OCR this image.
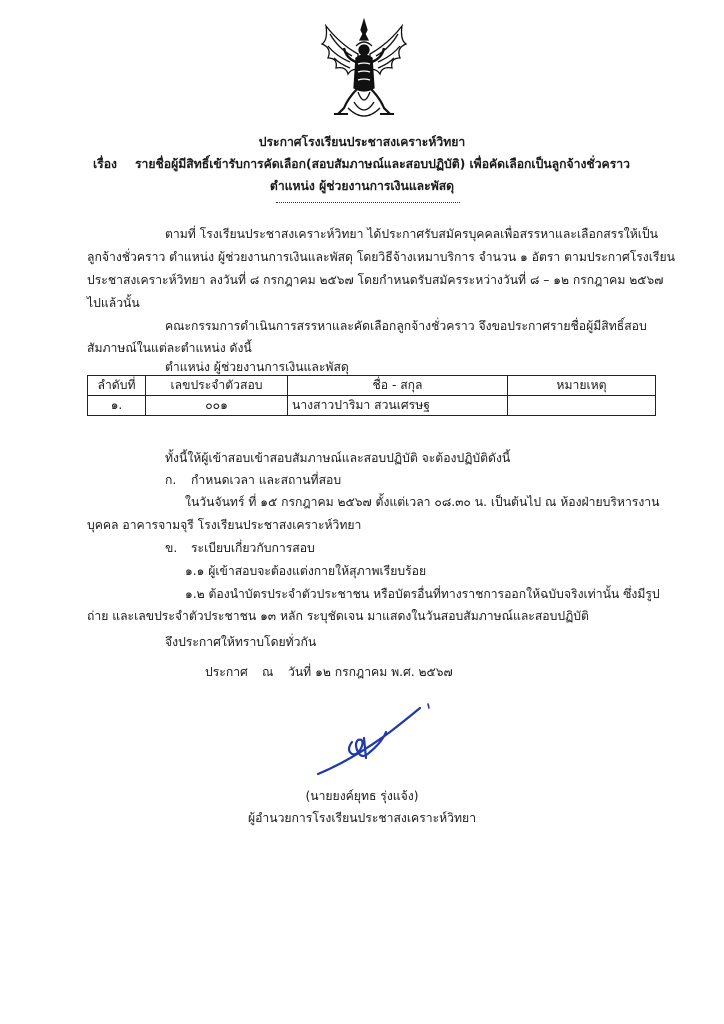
ประกาศโรงเรียนประชาสงเคราะห์วิทยา
เรื่อง รายชื่อผู้มีสิทธิ์เข้ารับการคัดเลือก(สอบสัมภาษณ์และสอบปฏิบัติ) เพื่อคัดเลือกเป็นลูกจ้างชั่วคราว
ตำแหน่ง ผู้ช่วยงานการเงินและพัสดุ
ตามที่ โรงเรียนประชาสงเคราะห์วิทยา ได้ประกาศรับสมัครบุคคลเพื่อสรรหาและเลือกสรรให้เป็น
ลูกจ้างชั่วคราว ตำแหน่ง ผู้ช่วยงานการเงินและพัสดุ โดยวิธีจ้างเหมาบริการ จำนวน ๑ อัตรา ตามประกาศโรงเรียน
ประชาสงเคราะห์วิทยา ลงวันที่ ๘ กรกฎาคม ๒๕๖๗ โดยกำหนดรับสมัครระหว่างวันที่ ๘ – ๑๒ กรกฎาคม ๒๕๖๗
ไปแล้วนั้น
คณะกรรมการดำเนินการสรรหาและคัดเลือกลูกจ้างชั่วคราว จึงขอประกาศรายชื่อผู้มีสิทธิ์สอบ
สัมภาษณ์ในแต่ละตำแหน่ง ดังนี้
ตำแหน่ง ผู้ช่วยงานการเงินและพัสดุ
ลำดับที่	เลขประจำตัวสอบ	ชื่อ - สกุล	หมายเหตุ
๑.	๐๐๑	นางสาวปาริมา สวนเศรษฐ	
ทั้งนี้ให้ผู้เข้าสอบเข้าสอบสัมภาษณ์และสอบปฏิบัติ จะต้องปฏิบัติดังนี้
ก. กำหนดเวลา และสถานที่สอบ
ในวันจันทร์ ที่ ๑๕ กรกฎาคม ๒๕๖๗ ตั้งแต่เวลา ๐๘.๓๐ น. เป็นต้นไป ณ ห้องฝ่ายบริหารงาน
บุคคล อาคารจามจุรี โรงเรียนประชาสงเคราะห์วิทยา
ข. ระเบียบเกี่ยวกับการสอบ
๑.๑ ผู้เข้าสอบจะต้องแต่งกายให้สุภาพเรียบร้อย
๑.๒ ต้องนำบัตรประจำตัวประชาชน หรือบัตรอื่นที่ทางราชการออกให้ฉบับจริงเท่านั้น ซึ่งมีรูป
ถ่าย และเลขประจำตัวประชาชน ๑๓ หลัก ระบุชัดเจน มาแสดงในวันสอบสัมภาษณ์และสอบปฏิบัติ
จึงประกาศให้ทราบโดยทั่วกัน
ประกาศ ณ วันที่ ๑๒ กรกฎาคม พ.ศ. ๒๕๖๗
(นายยงค์ยุทธ รุ่งแจ้ง)
ผู้อำนวยการโรงเรียนประชาสงเคราะห์วิทยา
